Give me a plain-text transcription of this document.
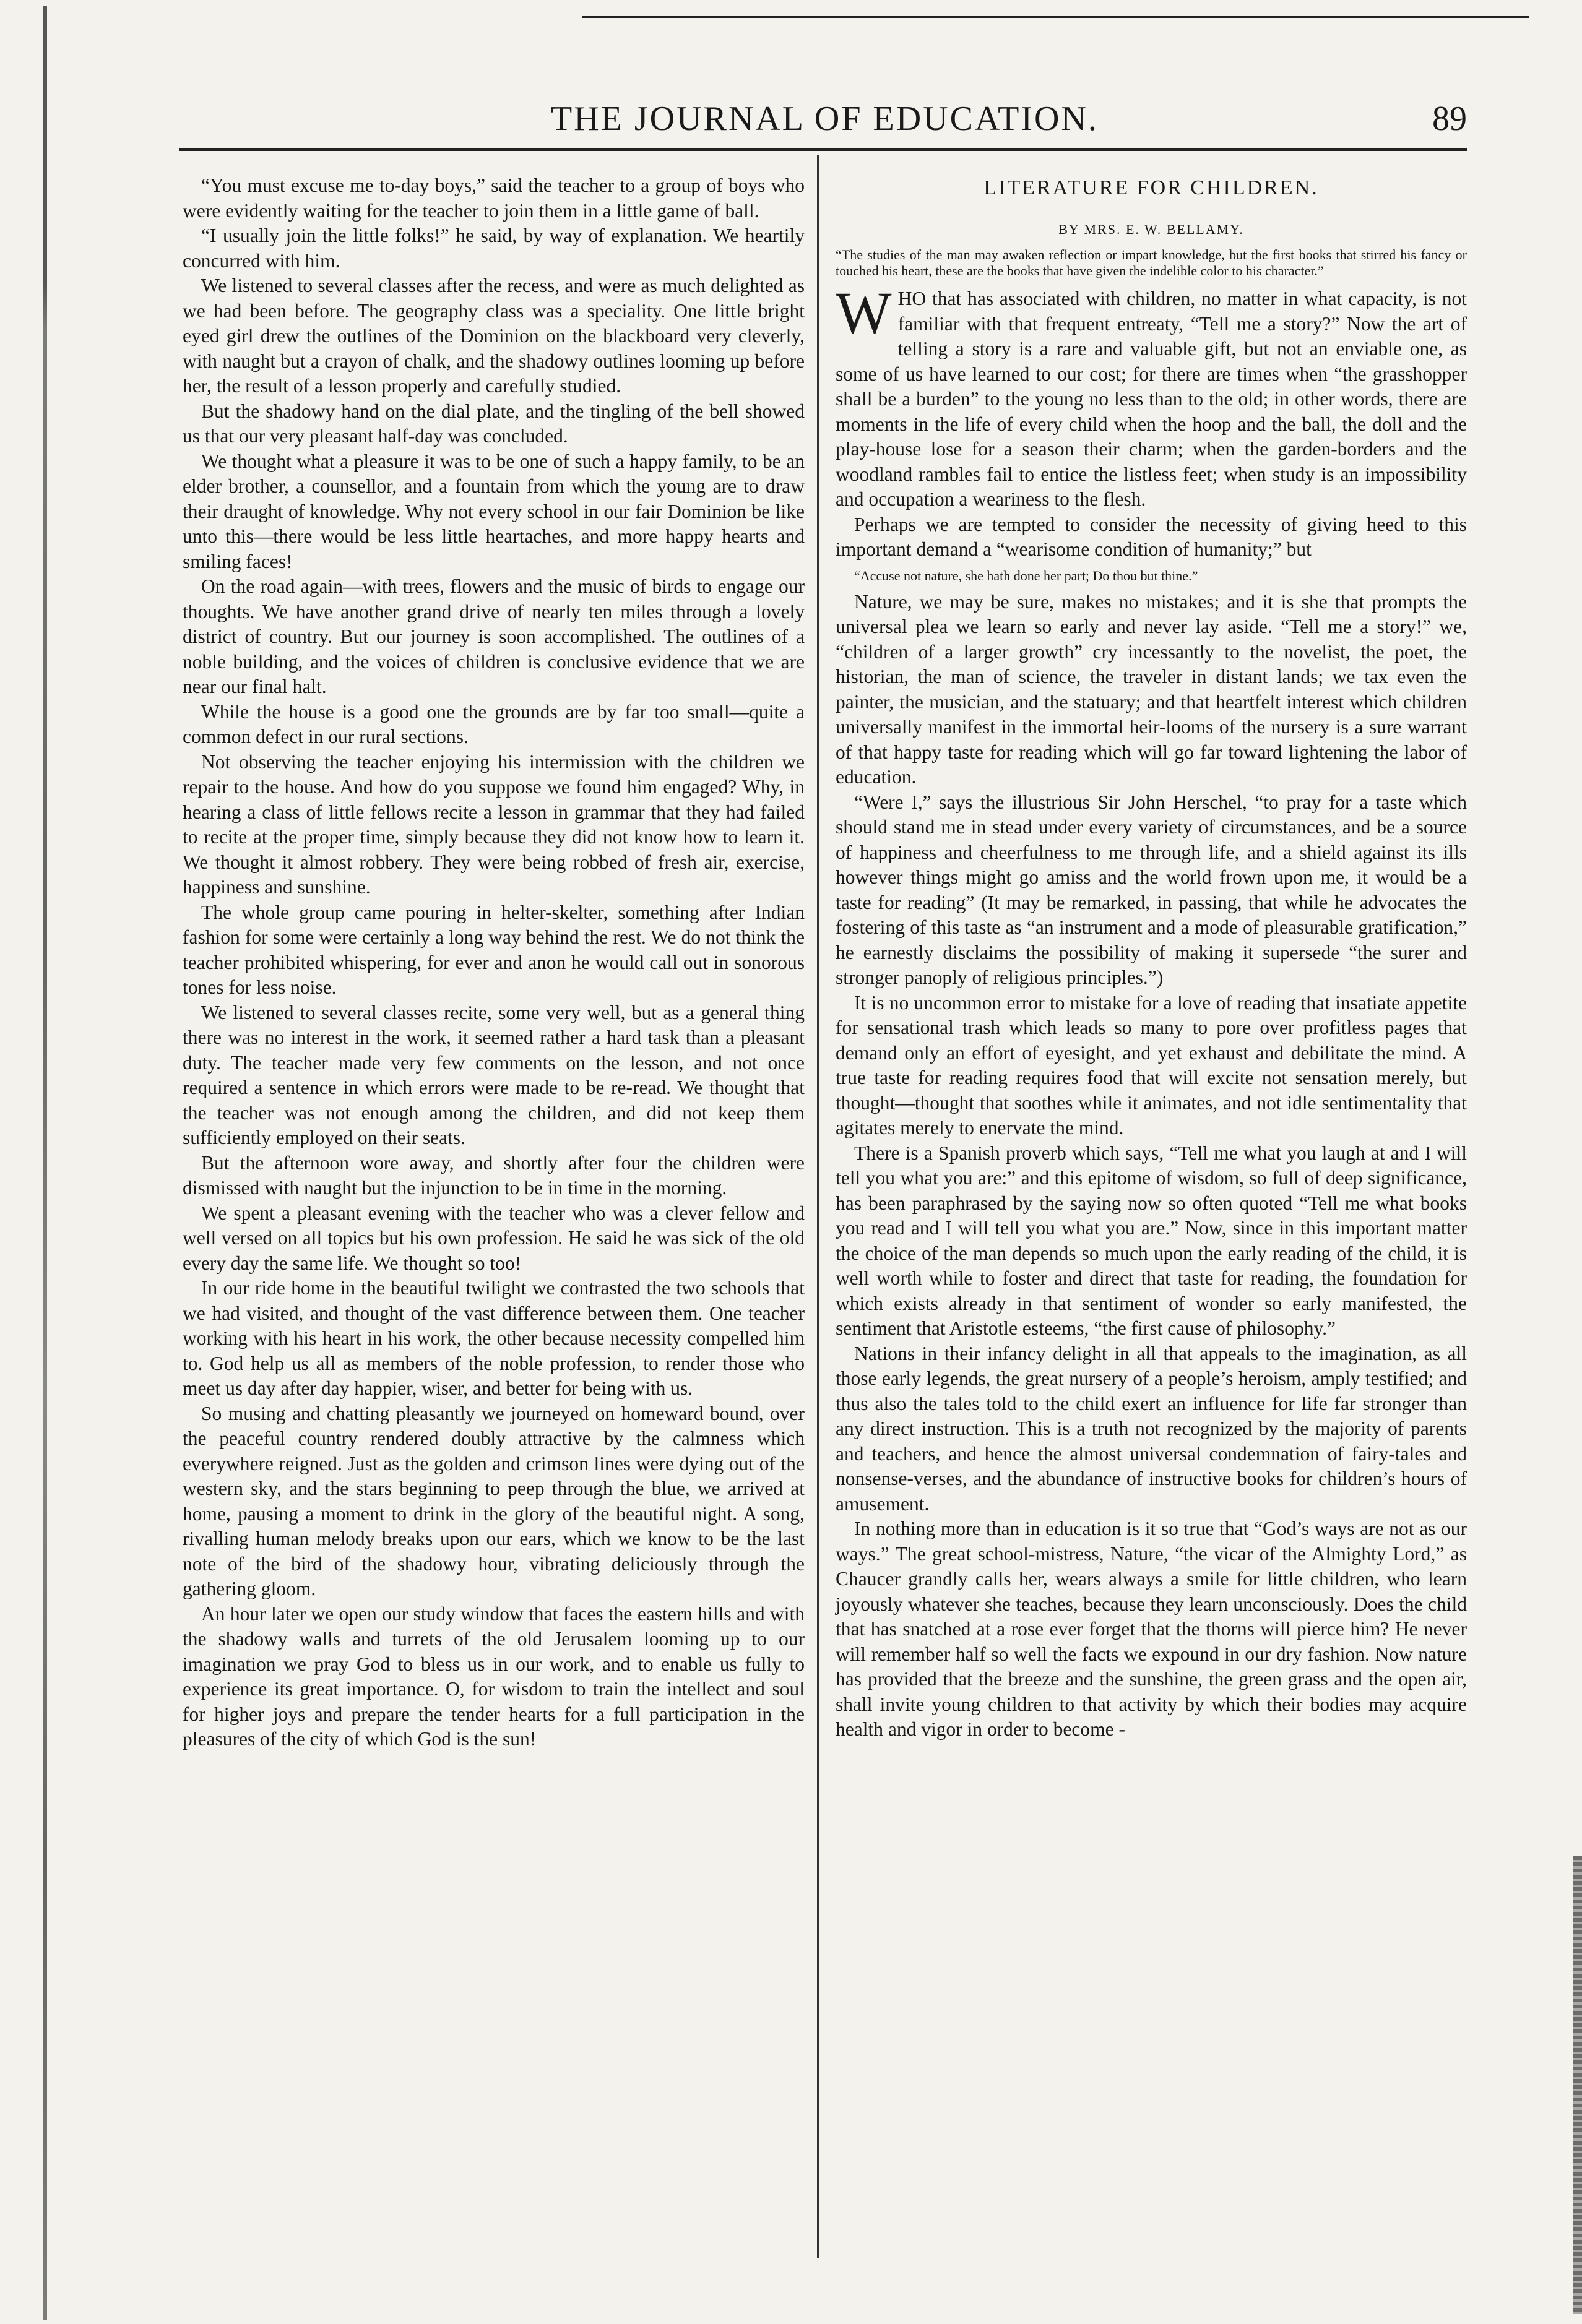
THE JOURNAL OF EDUCATION.	89

“You must excuse me to-day boys,” said the teacher to a group of boys who were evidently waiting for the teacher to join them in a little game of ball.

“I usually join the little folks!” he said, by way of explanation. We heartily concurred with him.

We listened to several classes after the recess, and were as much delighted as we had been before. The geography class was a speciality. One little bright eyed girl drew the outlines of the Dominion on the blackboard very cleverly, with naught but a crayon of chalk, and the shadowy outlines looming up before her, the result of a lesson properly and carefully studied.

But the shadowy hand on the dial plate, and the tingling of the bell showed us that our very pleasant half-day was concluded.

We thought what a pleasure it was to be one of such a happy family, to be an elder brother, a counsellor, and a fountain from which the young are to draw their draught of knowledge. Why not every school in our fair Dominion be like unto this—there would be less little heartaches, and more happy hearts and smiling faces!

On the road again—with trees, flowers and the music of birds to engage our thoughts. We have another grand drive of nearly ten miles through a lovely district of country. But our journey is soon accomplished. The outlines of a noble building, and the voices of children is conclusive evidence that we are near our final halt.

While the house is a good one the grounds are by far too small—quite a common defect in our rural sections.

Not observing the teacher enjoying his intermission with the children we repair to the house. And how do you suppose we found him engaged? Why, in hearing a class of little fellows recite a lesson in grammar that they had failed to recite at the proper time, simply because they did not know how to learn it. We thought it almost robbery. They were being robbed of fresh air, exercise, happiness and sunshine.

The whole group came pouring in helter-skelter, something after Indian fashion for some were certainly a long way behind the rest. We do not think the teacher prohibited whispering, for ever and anon he would call out in sonorous tones for less noise.

We listened to several classes recite, some very well, but as a general thing there was no interest in the work, it seemed rather a hard task than a pleasant duty. The teacher made very few comments on the lesson, and not once required a sentence in which errors were made to be re-read. We thought that the teacher was not enough among the children, and did not keep them sufficiently employed on their seats.

But the afternoon wore away, and shortly after four the children were dismissed with naught but the injunction to be in time in the morning.

We spent a pleasant evening with the teacher who was a clever fellow and well versed on all topics but his own profession. He said he was sick of the old every day the same life. We thought so too!

In our ride home in the beautiful twilight we contrasted the two schools that we had visited, and thought of the vast difference between them. One teacher working with his heart in his work, the other because necessity compelled him to. God help us all as members of the noble profession, to render those who meet us day after day happier, wiser, and better for being with us.

So musing and chatting pleasantly we journeyed on homeward bound, over the peaceful country rendered doubly attractive by the calmness which everywhere reigned. Just as the golden and crimson lines were dying out of the western sky, and the stars beginning to peep through the blue, we arrived at home, pausing a moment to drink in the glory of the beautiful night. A song, rivalling human melody breaks upon our ears, which we know to be the last note of the bird of the shadowy hour, vibrating deliciously through the gathering gloom.

An hour later we open our study window that faces the eastern hills and with the shadowy walls and turrets of the old Jerusalem looming up to our imagination we pray God to bless us in our work, and to enable us fully to experience its great importance. O, for wisdom to train the intellect and soul for higher joys and prepare the tender hearts for a full participation in the pleasures of the city of which God is the sun!

LITERATURE FOR CHILDREN.
BY MRS. E. W. BELLAMY.
“The studies of the man may awaken reflection or impart knowledge, but the first books that stirred his fancy or touched his heart, these are the books that have given the indelible color to his character.”

WHO that has associated with children, no matter in what capacity, is not familiar with that frequent entreaty, “Tell me a story?” Now the art of telling a story is a rare and valuable gift, but not an enviable one, as some of us have learned to our cost; for there are times when “the grasshopper shall be a burden” to the young no less than to the old; in other words, there are moments in the life of every child when the hoop and the ball, the doll and the play-house lose for a season their charm; when the garden-borders and the woodland rambles fail to entice the listless feet; when study is an impossibility and occupation a weariness to the flesh.

Perhaps we are tempted to consider the necessity of giving heed to this important demand a “wearisome condition of humanity;” but

“Accuse not nature, she hath done her part; Do thou but thine.”

Nature, we may be sure, makes no mistakes; and it is she that prompts the universal plea we learn so early and never lay aside. “Tell me a story!” we, “children of a larger growth” cry incessantly to the novelist, the poet, the historian, the man of science, the traveler in distant lands; we tax even the painter, the musician, and the statuary; and that heartfelt interest which children universally manifest in the immortal heir-looms of the nursery is a sure warrant of that happy taste for reading which will go far toward lightening the labor of education.

“Were I,” says the illustrious Sir John Herschel, “to pray for a taste which should stand me in stead under every variety of circumstances, and be a source of happiness and cheerfulness to me through life, and a shield against its ills however things might go amiss and the world frown upon me, it would be a taste for reading” (It may be remarked, in passing, that while he advocates the fostering of this taste as “an instrument and a mode of pleasurable gratification,” he earnestly disclaims the possibility of making it supersede “the surer and stronger panoply of religious principles.”)

It is no uncommon error to mistake for a love of reading that insatiate appetite for sensational trash which leads so many to pore over profitless pages that demand only an effort of eyesight, and yet exhaust and debilitate the mind. A true taste for reading requires food that will excite not sensation merely, but thought—thought that soothes while it animates, and not idle sentimentality that agitates merely to enervate the mind.

There is a Spanish proverb which says, “Tell me what you laugh at and I will tell you what you are:” and this epitome of wisdom, so full of deep significance, has been paraphrased by the saying now so often quoted “Tell me what books you read and I will tell you what you are.” Now, since in this important matter the choice of the man depends so much upon the early reading of the child, it is well worth while to foster and direct that taste for reading, the foundation for which exists already in that sentiment of wonder so early manifested, the sentiment that Aristotle esteems, “the first cause of philosophy.”

Nations in their infancy delight in all that appeals to the imagination, as all those early legends, the great nursery of a people’s heroism, amply testified; and thus also the tales told to the child exert an influence for life far stronger than any direct instruction. This is a truth not recognized by the majority of parents and teachers, and hence the almost universal condemnation of fairy-tales and nonsense-verses, and the abundance of instructive books for children’s hours of amusement.

In nothing more than in education is it so true that “God’s ways are not as our ways.” The great school-mistress, Nature, “the vicar of the Almighty Lord,” as Chaucer grandly calls her, wears always a smile for little children, who learn joyously whatever she teaches, because they learn unconsciously. Does the child that has snatched at a rose ever forget that the thorns will pierce him? He never will remember half so well the facts we expound in our dry fashion. Now nature has provided that the breeze and the sunshine, the green grass and the open air, shall invite young children to that activity by which their bodies may acquire health and vigor in order to become -
